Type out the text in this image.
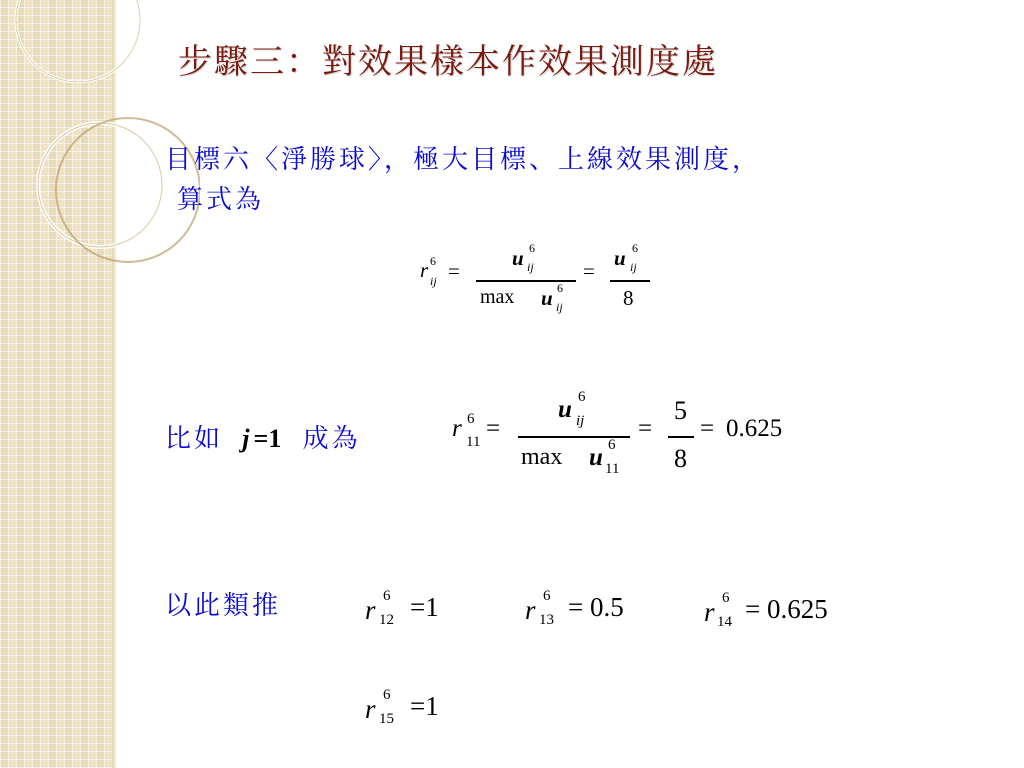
步驟三：對效果樣本作效果測度處
目標六〈淨勝球〉，極大目標、上線效果測度，
算式為
r 6
ij =
u 6
ij
max u 6
ij
=
u 6
ij
8
比如 j =1 成為	r 6
11 =
u 6
ij
max u 6
11
=
5
8
= 0.625
以此類推	r 6
12 =1	r 6
13 = 0.5	r 6
14 = 0.625
r 6
15 =1
